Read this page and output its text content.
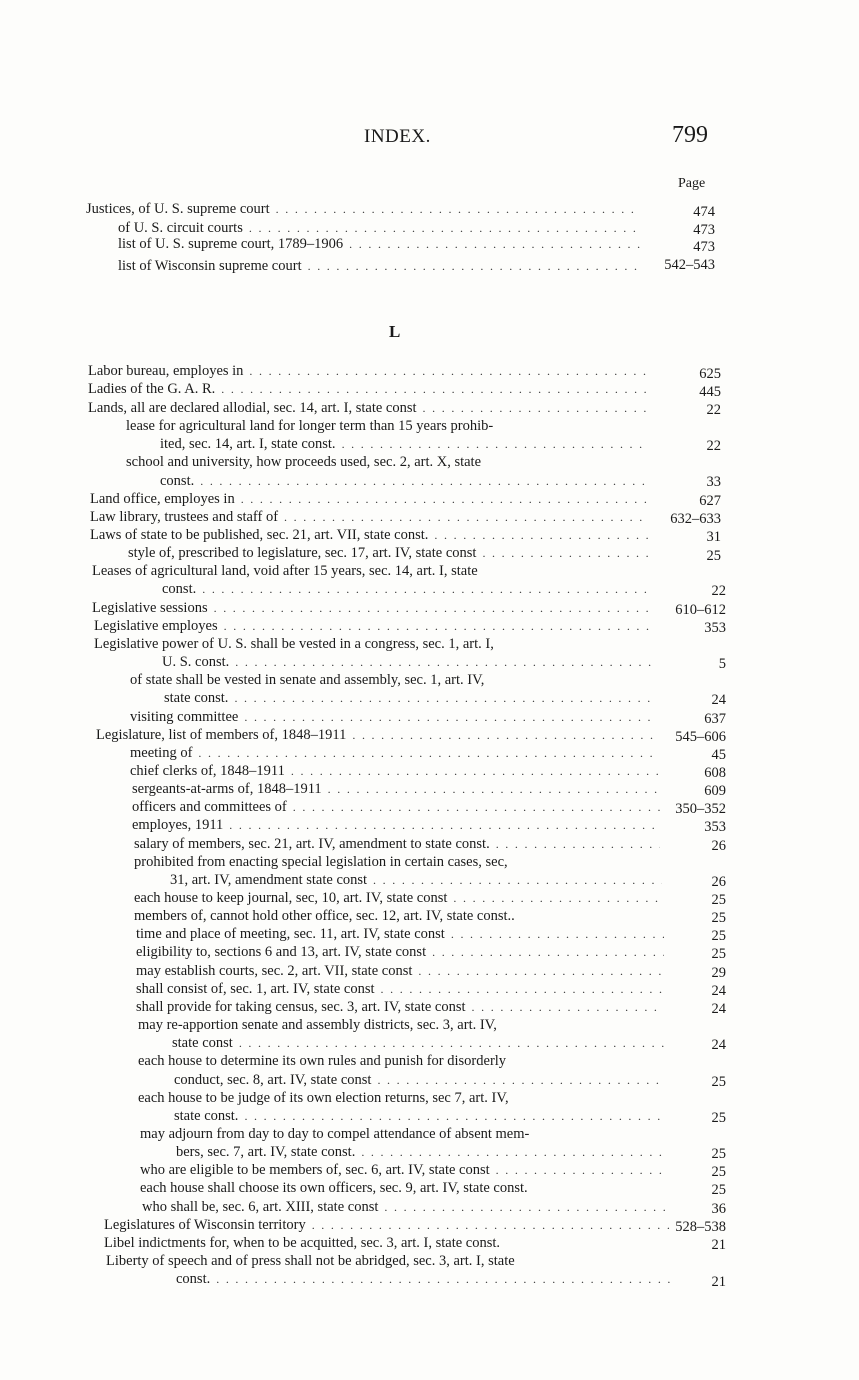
INDEX.	799
Page
L
Justices, of U. S. supreme court . . .	474
of U. S. circuit courts . . .	473
list of U. S. supreme court, 1789–1906 . . .	473
list of Wisconsin supreme court . . .	542–543
Labor bureau, employes in . . .	625
Ladies of the G. A. R. . . .	445
Lands, all are declared allodial, sec. 14, art. I, state const . . .	22
lease for agricultural land for longer term than 15 years prohib-
ited, sec. 14, art. I, state const. . . .	22
school and university, how proceeds used, sec. 2, art. X, state
const. . . .	33
Land office, employes in . . .	627
Law library, trustees and staff of . . .	632–633
Laws of state to be published, sec. 21, art. VII, state const. . . .	31
style of, prescribed to legislature, sec. 17, art. IV, state const . . .	25
Leases of agricultural land, void after 15 years, sec. 14, art. I, state
const. . . .	22
Legislative sessions . . .	610–612
Legislative employes . . .	353
Legislative power of U. S. shall be vested in a congress, sec. 1, art. I,
U. S. const. . . .	5
of state shall be vested in senate and assembly, sec. 1, art. IV,
state const. . . .	24
visiting committee . . .	637
Legislature, list of members of, 1848–1911 . . .	545–606
meeting of . . .	45
chief clerks of, 1848–1911 . . .	608
sergeants-at-arms of, 1848–1911 . . .	609
officers and committees of . . .	350–352
employes, 1911 . . .	353
salary of members, sec. 21, art. IV, amendment to state const. . . .	26
prohibited from enacting special legislation in certain cases, sec,
31, art. IV, amendment state const . . .	26
each house to keep journal, sec, 10, art. IV, state const . . .	25
members of, cannot hold other office, sec. 12, art. IV, state const..	25
time and place of meeting, sec. 11, art. IV, state const . . .	25
eligibility to, sections 6 and 13, art. IV, state const . . .	25
may establish courts, sec. 2, art. VII, state const . . .	29
shall consist of, sec. 1, art. IV, state const . . .	24
shall provide for taking census, sec. 3, art. IV, state const . . .	24
may re-apportion senate and assembly districts, sec. 3, art. IV,
state const . . .	24
each house to determine its own rules and punish for disorderly
conduct, sec. 8, art. IV, state const . . .	25
each house to be judge of its own election returns, sec 7, art. IV,
state const. . . .	25
may adjourn from day to day to compel attendance of absent mem-
bers, sec. 7, art. IV, state const. . . .	25
who are eligible to be members of, sec. 6, art. IV, state const . . .	25
each house shall choose its own officers, sec. 9, art. IV, state const.	25
who shall be, sec. 6, art. XIII, state const . . .	36
Legislatures of Wisconsin territory . . .	528–538
Libel indictments for, when to be acquitted, sec. 3, art. I, state const.	21
Liberty of speech and of press shall not be abridged, sec. 3, art. I, state
const. . . .	21
